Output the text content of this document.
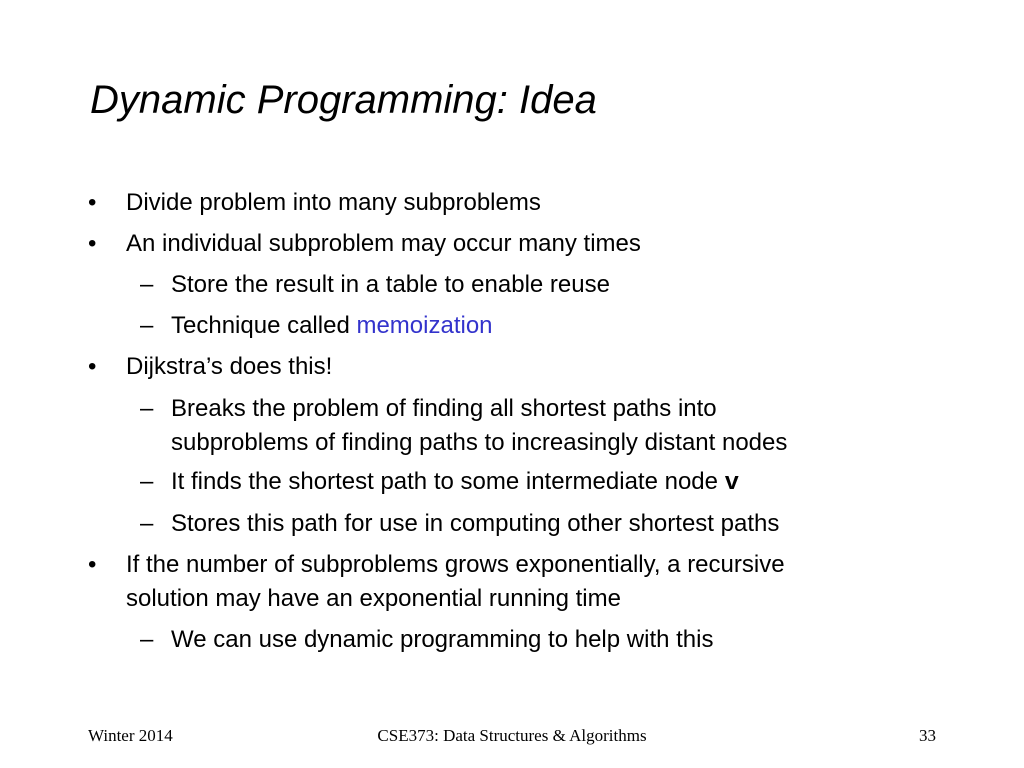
Dynamic Programming: Idea
• Divide problem into many subproblems
• An individual subproblem may occur many times
– Store the result in a table to enable reuse
– Technique called memoization
• Dijkstra’s does this!
– Breaks the problem of finding all shortest paths into
subproblems of finding paths to increasingly distant nodes
– It finds the shortest path to some intermediate node v
– Stores this path for use in computing other shortest paths
• If the number of subproblems grows exponentially, a recursive
solution may have an exponential running time
– We can use dynamic programming to help with this
Winter 2014	CSE373: Data Structures & Algorithms	33
